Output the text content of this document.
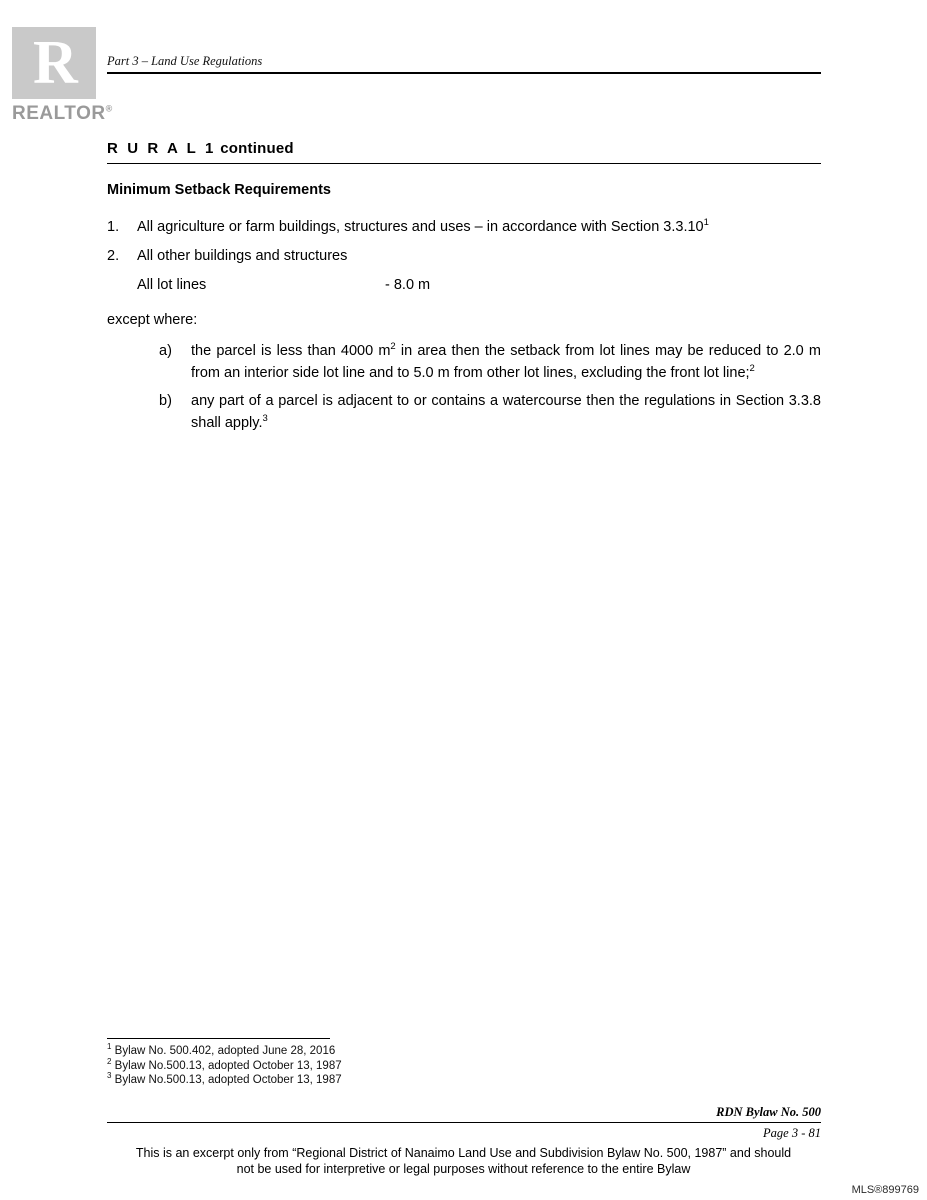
R
REALTOR®
Part 3 – Land Use Regulations
R U R A L 1 continued
Minimum Setback Requirements
1. All agriculture or farm buildings, structures and uses – in accordance with Section 3.3.10$^1$
2. All other buildings and structures
All lot lines	- 8.0 m
except where:
a) the parcel is less than 4000 $m^2$ in area then the setback from lot lines may be reduced to 2.0 m from an interior side lot line and to 5.0 m from other lot lines, excluding the front lot line;$^2$
b) any part of a parcel is adjacent to or contains a watercourse then the regulations in Section 3.3.8 shall apply.$^3$
$^1$ Bylaw No. 500.402, adopted June 28, 2016
$^2$ Bylaw No.500.13, adopted October 13, 1987
$^3$ Bylaw No.500.13, adopted October 13, 1987
RDN Bylaw No. 500
Page 3 - 81
This is an excerpt only from “Regional District of Nanaimo Land Use and Subdivision Bylaw No. 500, 1987” and should
not be used for interpretive or legal purposes without reference to the entire Bylaw
MLS®899769
